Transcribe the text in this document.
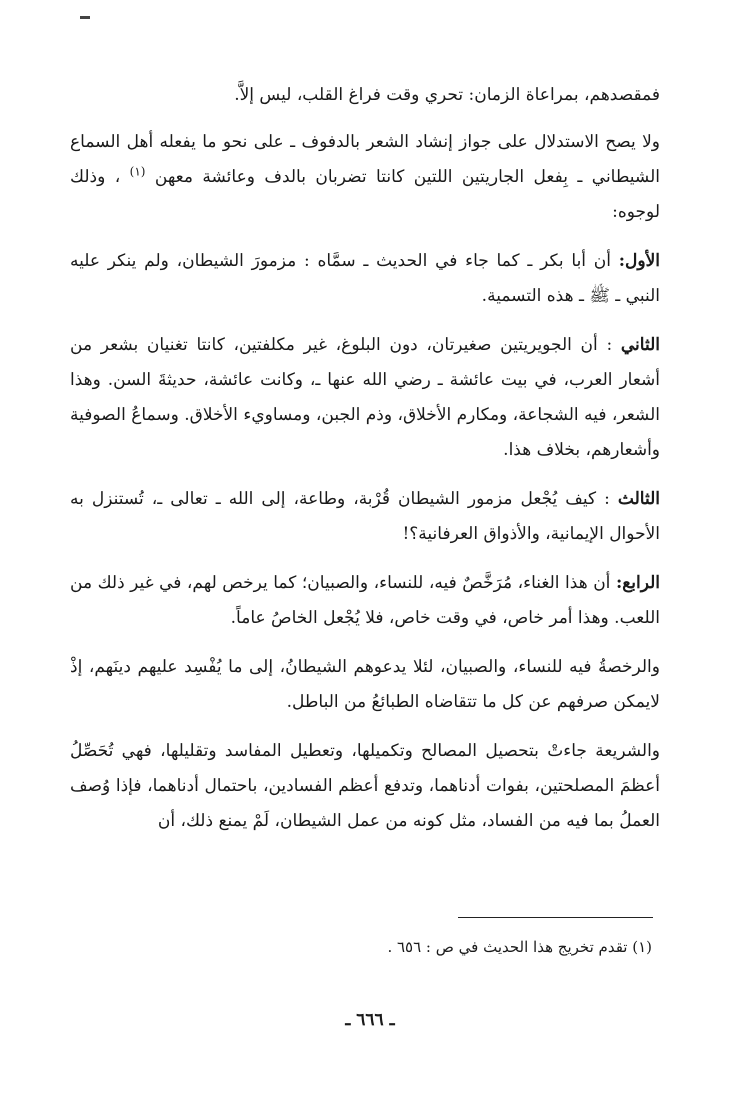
فمقصدهم، بمراعاة الزمان: تحري وقت فراغ القلب، ليس إلاَّ.

ولا يصح الاستدلال على جواز إنشاد الشعر بالدفوف ـ على نحو ما يفعله أهل السماع الشيطاني ـ بِفعل الجاريتين اللتين كانتا تضربان بالدف وعائشة معهن $^{(١)}$ ، وذلك لوجوه:

الأول: أن أبا بكر ـ كما جاء في الحديث ـ سمَّاه : مزمورَ الشيطان، ولم ينكر عليه النبي ـ ﷺ ـ هذه التسمية.

الثاني : أن الجويريتين صغيرتان، دون البلوغ، غير مكلفتين، كانتا تغنيان بشعر من أشعار العرب، في بيت عائشة ـ رضي الله عنها ـ، وكانت عائشة، حديثةَ السن. وهذا الشعر، فيه الشجاعة، ومكارم الأخلاق، وذم الجبن، ومساويء الأخلاق. وسماعُ الصوفية وأشعارهم، بخلاف هذا.

الثالث : كيف يُجْعل مزمور الشيطان قُرْبة، وطاعة، إلى الله ـ تعالى ـ، تُستنزل به الأحوال الإيمانية، والأذواق العرفانية؟!

الرابع: أن هذا الغناء، مُرَخَّصٌ فيه، للنساء، والصبيان؛ كما يرخص لهم، في غير ذلك من اللعب. وهذا أمر خاص، في وقت خاص، فلا يُجْعل الخاصُ عاماً.

والرخصةُ فيه للنساء، والصبيان، لئلا يدعوهم الشيطانُ، إلى ما يُفْسِد عليهم دينَهم، إذْ لايمكن صرفهم عن كل ما تتقاضاه الطبائعُ من الباطل.

والشريعة جاءتْ بتحصيل المصالح وتكميلها، وتعطيل المفاسد وتقليلها، فهي تُحَصِّلُ أعظمَ المصلحتين، بفوات أدناهما، وتدفع أعظم الفسادين، باحتمال أدناهما، فإذا وُصف العملُ بما فيه من الفساد، مثل كونه من عمل الشيطان، لَمْ يمنع ذلك، أن

(١) تقدم تخريج هذا الحديث في ص : ٦٥٦ .
ـ ٦٦٦ ـ
